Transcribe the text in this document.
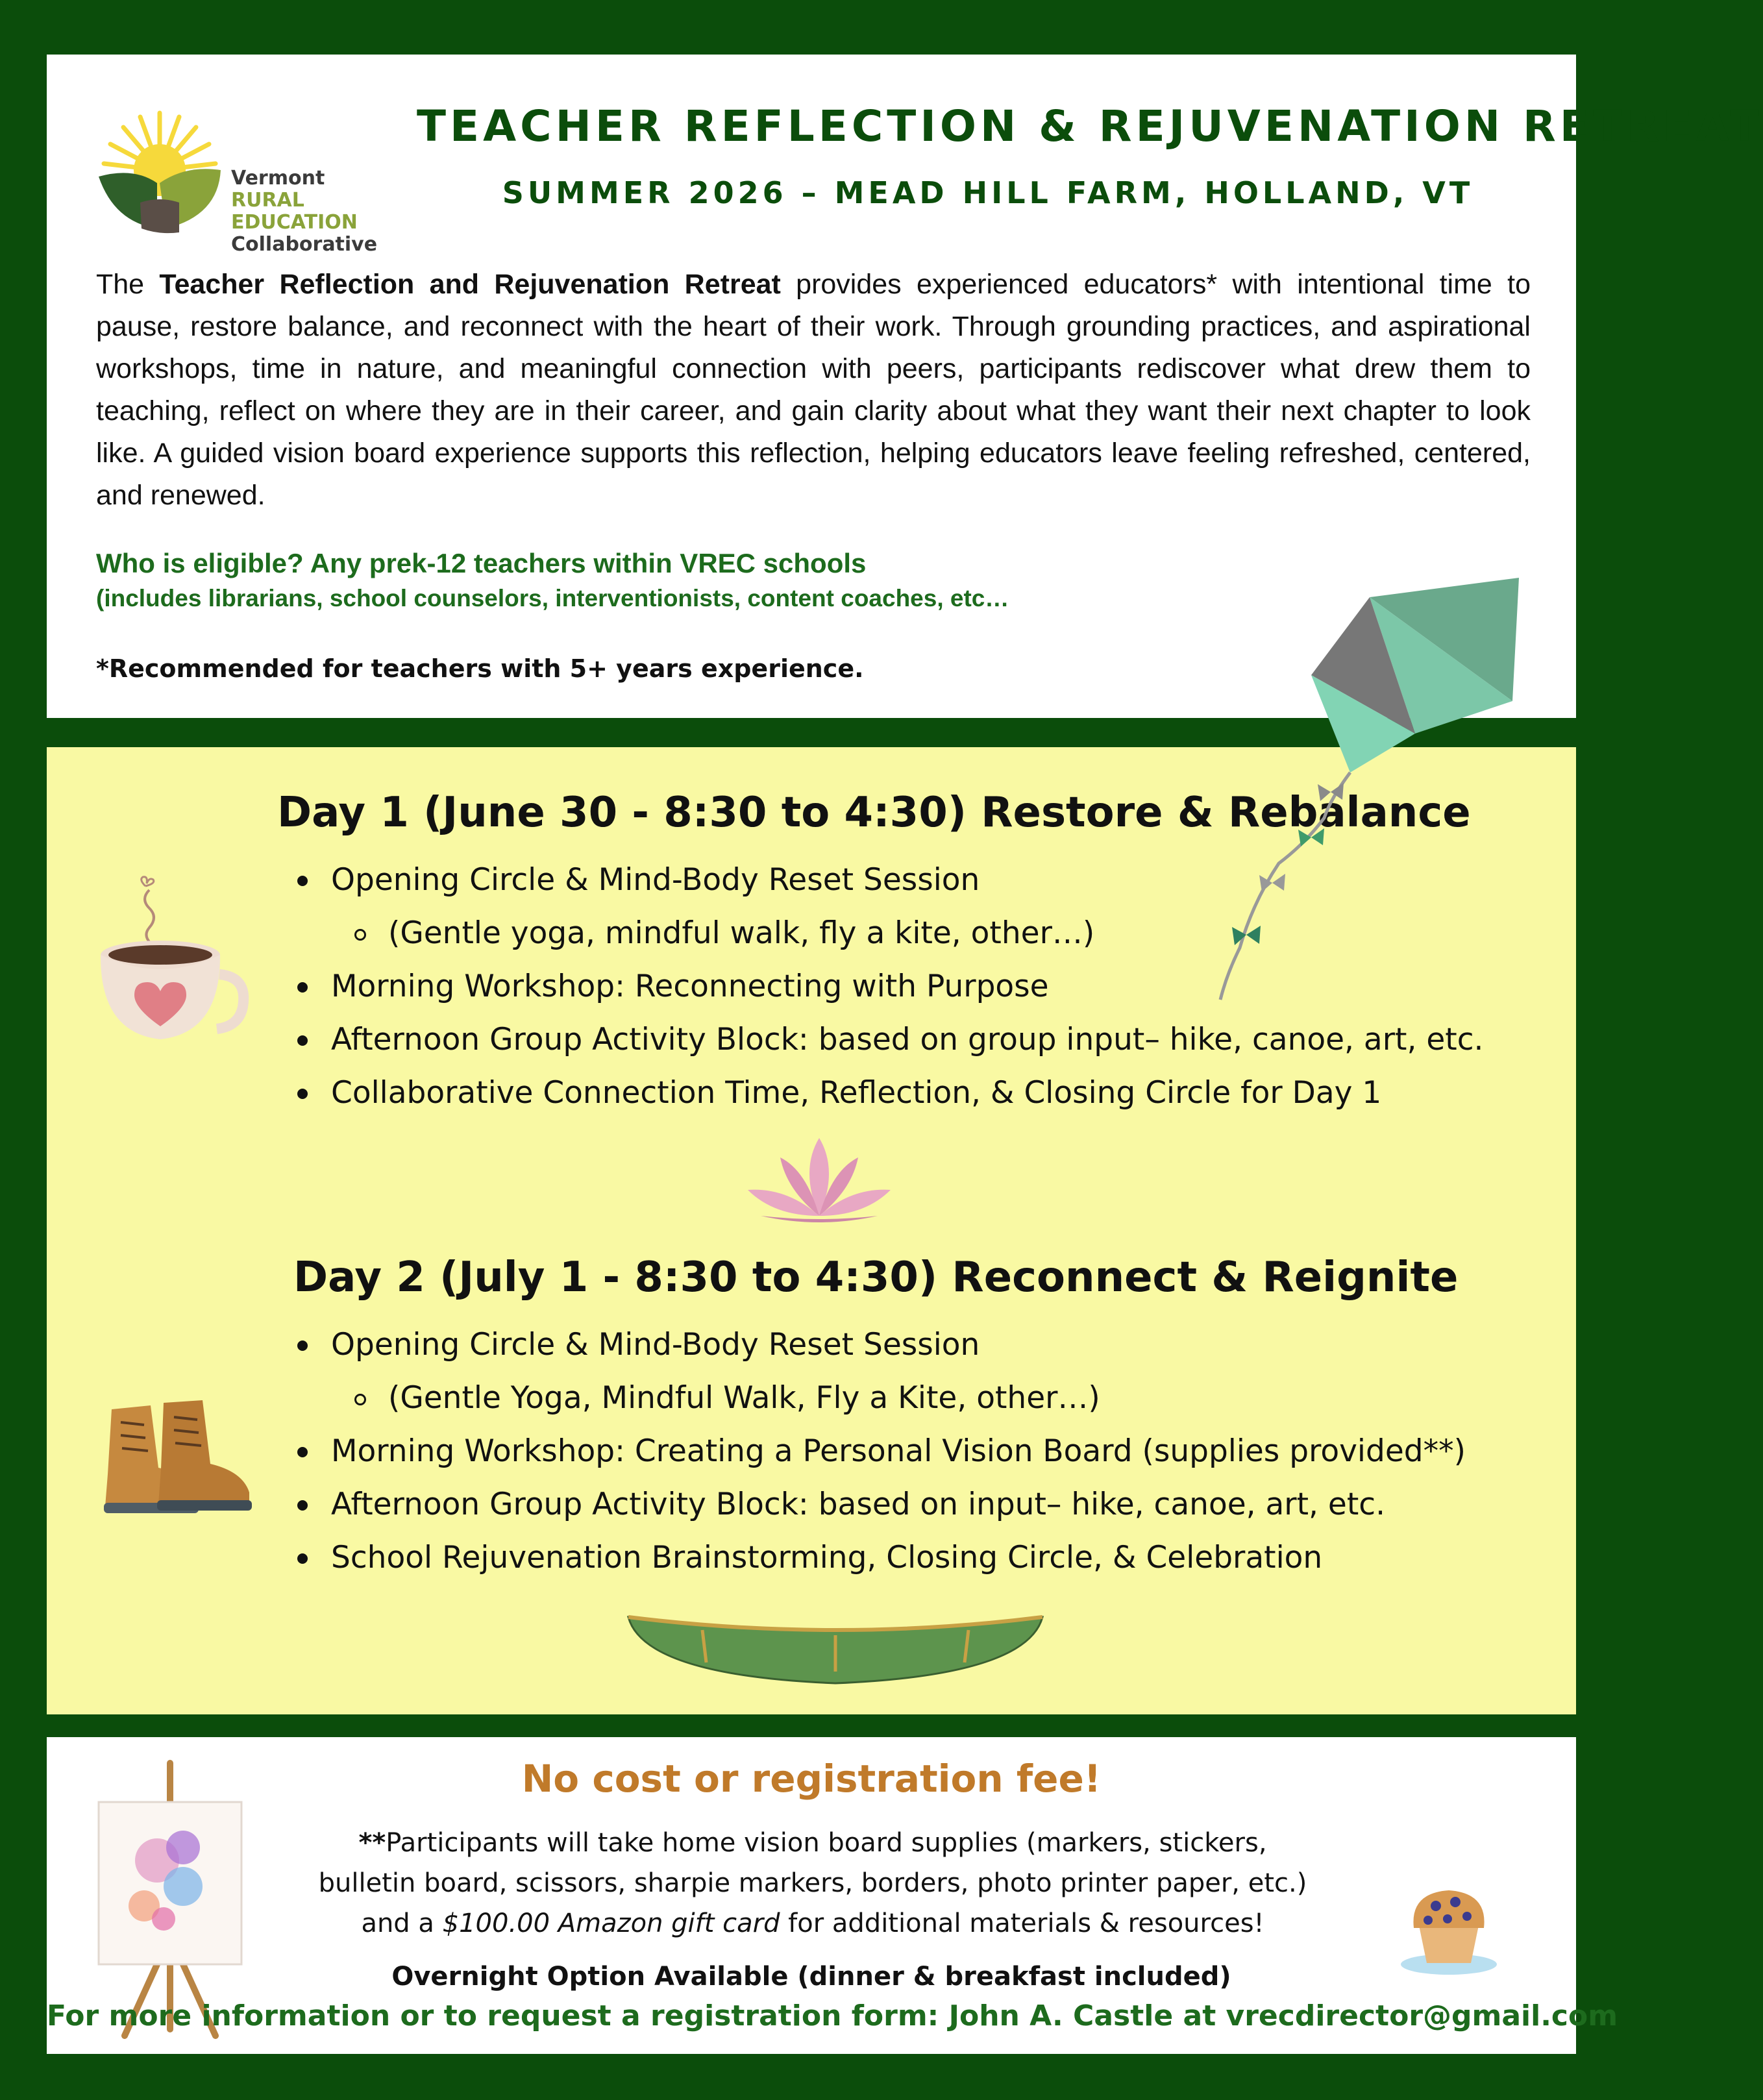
Vermont
RURAL
EDUCATION
Collaborative
TEACHER REFLECTION & REJUVENATION RETREAT
SUMMER 2026 – MEAD HILL FARM, HOLLAND, VT
The Teacher Reflection and Rejuvenation Retreat provides experienced educators* with intentional time to pause, restore balance, and reconnect with the heart of their work. Through grounding practices, and aspirational workshops, time in nature, and meaningful connection with peers, participants rediscover what drew them to teaching, reflect on where they are in their career, and gain clarity about what they want their next chapter to look like. A guided vision board experience supports this reflection, helping educators leave feeling refreshed, centered, and renewed.
Who is eligible? Any prek-12 teachers within VREC schools
(includes librarians, school counselors, interventionists, content coaches, etc…
*Recommended for teachers with 5+ years experience.
Day 1 (June 30 - 8:30 to 4:30) Restore & Rebalance
Opening Circle & Mind-Body Reset Session
(Gentle yoga, mindful walk, fly a kite, other…)
Morning Workshop: Reconnecting with Purpose
Afternoon Group Activity Block: based on group input– hike, canoe, art, etc.
Collaborative Connection Time, Reflection, & Closing Circle for Day 1
Day 2 (July 1 - 8:30 to 4:30) Reconnect & Reignite
Opening Circle & Mind-Body Reset Session
(Gentle Yoga, Mindful Walk, Fly a Kite, other…)
Morning Workshop: Creating a Personal Vision Board (supplies provided**)
Afternoon Group Activity Block: based on input– hike, canoe, art, etc.
School Rejuvenation Brainstorming, Closing Circle, & Celebration
No cost or registration fee!
**Participants will take home vision board supplies (markers, stickers,
bulletin board, scissors, sharpie markers, borders, photo printer paper, etc.)
and a $100.00 Amazon gift card for additional materials & resources!
Overnight Option Available (dinner & breakfast included)
For more information or to request a registration form: John A. Castle at vrecdirector@gmail.com
